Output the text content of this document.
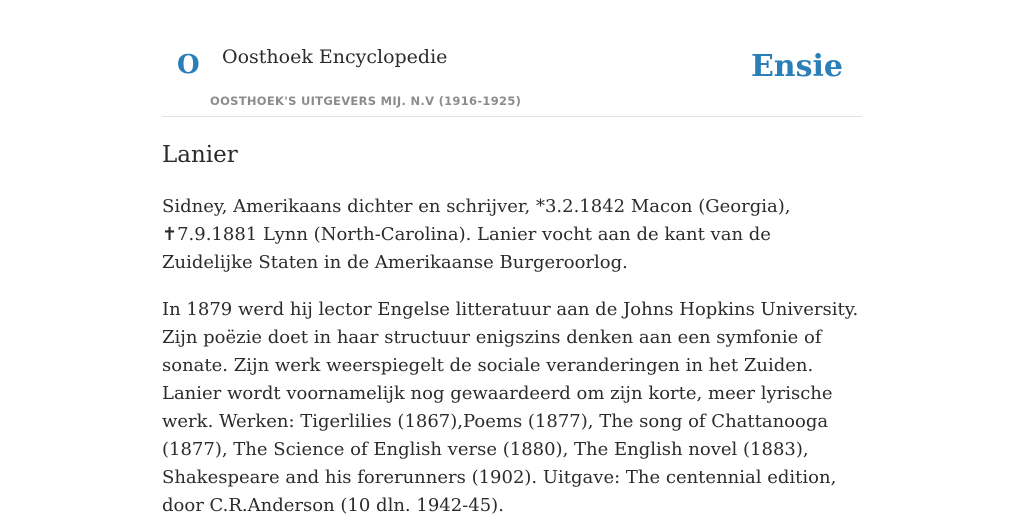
O Oosthoek Encyclopedie
OOSTHOEK'S UITGEVERS MIJ. N.V (1916-1925)
Ensie
Lanier

Sidney, Amerikaans dichter en schrijver, *3.2.1842 Macon (Georgia), ✝7.9.1881 Lynn (North-Carolina). Lanier vocht aan de kant van de Zuidelijke Staten in de Amerikaanse Burgeroorlog.

In 1879 werd hij lector Engelse litteratuur aan de Johns Hopkins University. Zijn poëzie doet in haar structuur enigszins denken aan een symfonie of sonate. Zijn werk weerspiegelt de sociale veranderingen in het Zuiden. Lanier wordt voornamelijk nog gewaardeerd om zijn korte, meer lyrische werk. Werken: Tigerlilies (1867),Poems (1877), The song of Chattanooga (1877), The Science of English verse (1880), The English novel (1883), Shakespeare and his forerunners (1902). Uitgave: The centennial edition, door C.R.Anderson (10 dln. 1942-45).
